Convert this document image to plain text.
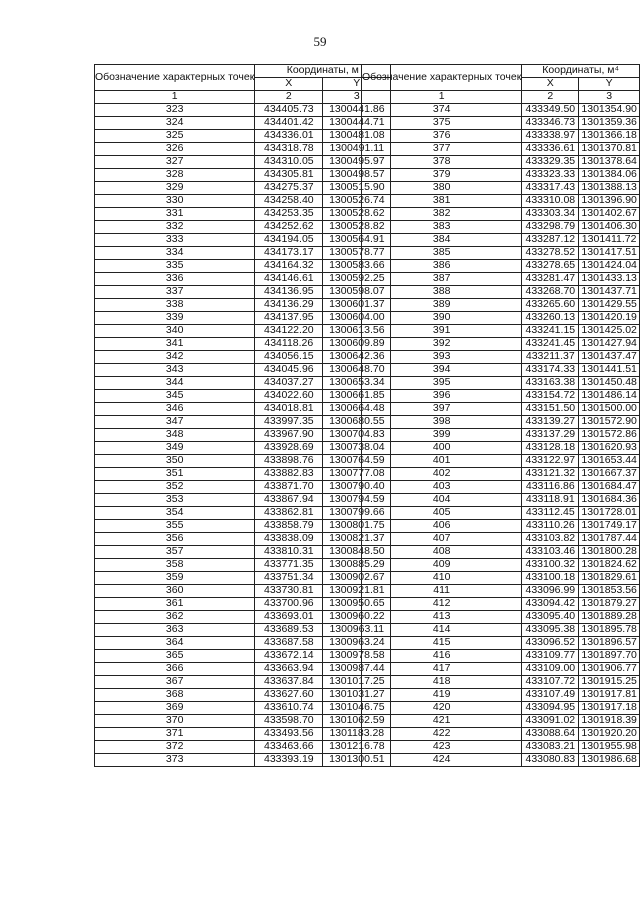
59
Обозначение характерных точек	Координаты, м	
	X	Y
1	2	3
323	434405.73	1300441.86
324	434401.42	1300444.71
325	434336.01	1300481.08
326	434318.78	1300491.11
327	434310.05	1300495.97
328	434305.81	1300498.57
329	434275.37	1300515.90
330	434258.40	1300526.74
331	434253.35	1300528.62
332	434252.62	1300528.82
333	434194.05	1300564.91
334	434173.17	1300578.77
335	434164.32	1300583.66
336	434146.61	1300592.25
337	434136.95	1300598.07
338	434136.29	1300601.37
339	434137.95	1300604.00
340	434122.20	1300613.56
341	434118.26	1300609.89
342	434056.15	1300642.36
343	434045.96	1300648.70
344	434037.27	1300653.34
345	434022.60	1300661.85
346	434018.81	1300664.48
347	433997.35	1300680.55
348	433967.90	1300704.83
349	433928.69	1300738.04
350	433898.76	1300764.59
351	433882.83	1300777.08
352	433871.70	1300790.40
353	433867.94	1300794.59
354	433862.81	1300799.66
355	433858.79	1300801.75
356	433838.09	1300821.37
357	433810.31	1300848.50
358	433771.35	1300885.29
359	433751.34	1300902.67
360	433730.81	1300921.81
361	433700.96	1300950.65
362	433693.01	1300960.22
363	433689.53	1300963.11
364	433687.58	1300963.24
365	433672.14	1300978.58
366	433663.94	1300987.44
367	433637.84	1301017.25
368	433627.60	1301031.27
369	433610.74	1301046.75
370	433598.70	1301062.59
371	433493.56	1301183.28
372	433463.66	1301216.78
373	433393.19	1301300.51
Обозначение характерных точек	Координаты, м⁴	
	X	Y
1	2	3
374	433349.50	1301354.90
375	433346.73	1301359.36
376	433338.97	1301366.18
377	433336.61	1301370.81
378	433329.35	1301378.64
379	433323.33	1301384.06
380	433317.43	1301388.13
381	433310.08	1301396.90
382	433303.34	1301402.67
383	433298.79	1301406.30
384	433287.12	1301411.72
385	433278.52	1301417.51
386	433278.65	1301424.04
387	433281.47	1301433.13
388	433268.70	1301437.71
389	433265.60	1301429.55
390	433260.13	1301420.19
391	433241.15	1301425.02
392	433241.45	1301427.94
393	433211.37	1301437.47
394	433174.33	1301441.51
395	433163.38	1301450.48
396	433154.72	1301486.14
397	433151.50	1301500.00
398	433139.27	1301572.90
399	433137.29	1301572.86
400	433128.18	1301620.93
401	433122.97	1301653.44
402	433121.32	1301667.37
403	433116.86	1301684.47
404	433118.91	1301684.36
405	433112.45	1301728.01
406	433110.26	1301749.17
407	433103.82	1301787.44
408	433103.46	1301800.28
409	433100.32	1301824.62
410	433100.18	1301829.61
411	433096.99	1301853.56
412	433094.42	1301879.27
413	433095.40	1301889.28
414	433095.38	1301895.78
415	433096.52	1301896.57
416	433109.77	1301897.70
417	433109.00	1301906.77
418	433107.72	1301915.25
419	433107.49	1301917.81
420	433094.95	1301917.18
421	433091.02	1301918.39
422	433088.64	1301920.20
423	433083.21	1301955.98
424	433080.83	1301986.68
